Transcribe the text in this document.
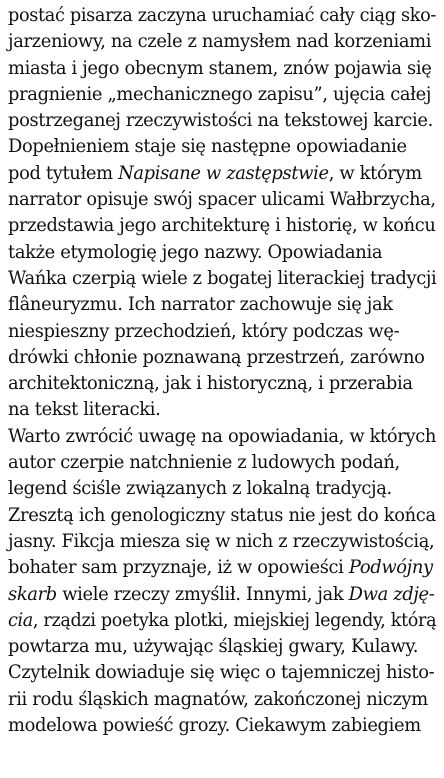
postać pisarza zaczyna uruchamiać cały ciąg sko-
jarzeniowy, na czele z namysłem nad korzeniami
miasta i jego obecnym stanem, znów pojawia się
pragnienie „mechanicznego zapisu”, ujęcia całej
postrzeganej rzeczywistości na tekstowej karcie.
Dopełnieniem staje się następne opowiadanie
pod tytułem Napisane w zastępstwie, w którym
narrator opisuje swój spacer ulicami Wałbrzycha,
przedstawia jego architekturę i historię, w końcu
także etymologię jego nazwy. Opowiadania
Wańka czerpią wiele z bogatej literackiej tradycji
flâneuryzmu. Ich narrator zachowuje się jak
niespieszny przechodzień, który podczas wę-
drówki chłonie poznawaną przestrzeń, zarówno
architektoniczną, jak i historyczną, i przerabia
na tekst literacki.
Warto zwrócić uwagę na opowiadania, w których
autor czerpie natchnienie z ludowych podań,
legend ściśle związanych z lokalną tradycją.
Zresztą ich genologiczny status nie jest do końca
jasny. Fikcja miesza się w nich z rzeczywistością,
bohater sam przyznaje, iż w opowieści Podwójny
skarb wiele rzeczy zmyślił. Innymi, jak Dwa zdję-
cia, rządzi poetyka plotki, miejskiej legendy, którą
powtarza mu, używając śląskiej gwary, Kulawy.
Czytelnik dowiaduje się więc o tajemniczej histo-
rii rodu śląskich magnatów, zakończonej niczym
modelowa powieść grozy. Ciekawym zabiegiem
